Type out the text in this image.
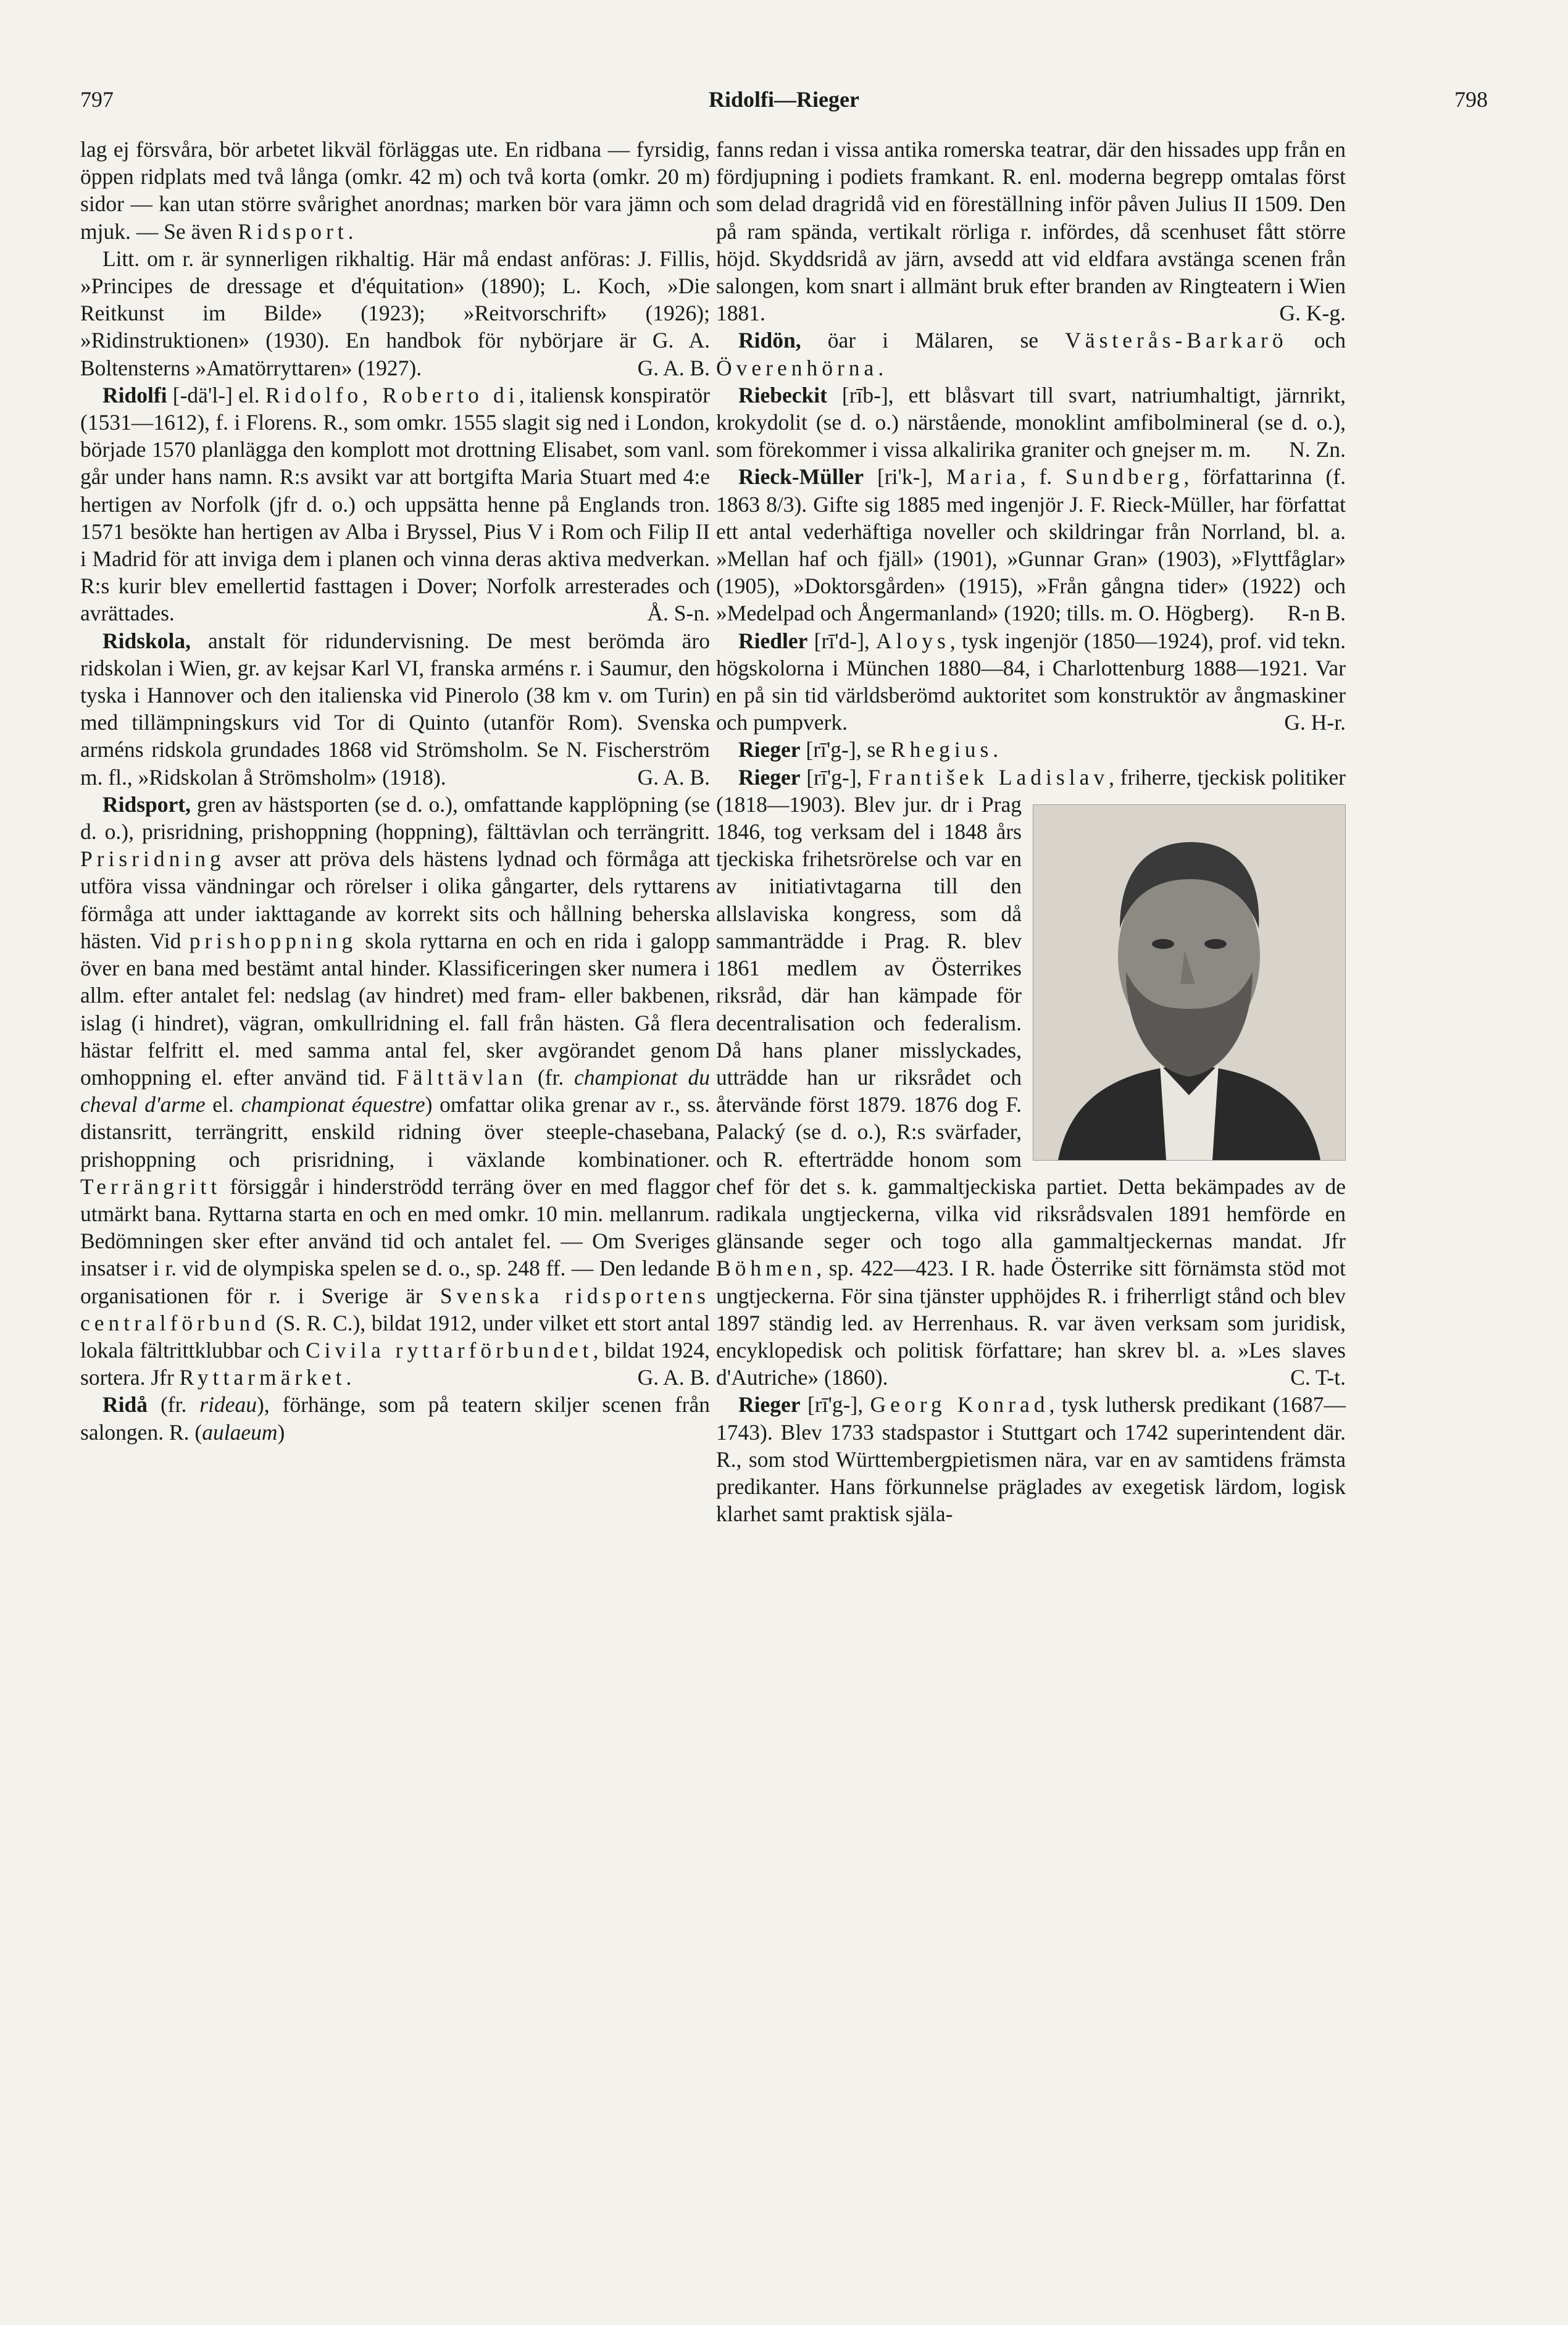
797	Ridolfi—Rieger	798

lag ej försvåra, bör arbetet likväl förläggas ute. En ridbana — fyrsidig, öppen ridplats med två långa (omkr. 42 m) och två korta (omkr. 20 m) sidor — kan utan större svårighet anordnas; marken bör vara jämn och mjuk. — Se även Ridsport.

Litt. om r. är synnerligen rikhaltig. Här må endast anföras: J. Fillis, »Principes de dressage et d'équitation» (1890); L. Koch, »Die Reitkunst im Bilde» (1923); »Reitvorschrift» (1926); »Ridinstruktionen» (1930). En handbok för nybörjare är G. A. Boltensterns »Amatörryttaren» (1927).	G. A. B.

Ridolfi [-dä'l-] el. Ridolfo, Roberto di, italiensk konspiratör (1531—1612), f. i Florens. R., som omkr. 1555 slagit sig ned i London, började 1570 planlägga den komplott mot drottning Elisabet, som vanl. går under hans namn. R:s avsikt var att bortgifta Maria Stuart med 4:e hertigen av Norfolk (jfr d. o.) och uppsätta henne på Englands tron. 1571 besökte han hertigen av Alba i Bryssel, Pius V i Rom och Filip II i Madrid för att inviga dem i planen och vinna deras aktiva medverkan. R:s kurir blev emellertid fasttagen i Dover; Norfolk arresterades och avrättades.	Å. S-n.

Ridskola, anstalt för ridundervisning. De mest berömda äro ridskolan i Wien, gr. av kejsar Karl VI, franska arméns r. i Saumur, den tyska i Hannover och den italienska vid Pinerolo (38 km v. om Turin) med tillämpningskurs vid Tor di Quinto (utanför Rom). Svenska arméns ridskola grundades 1868 vid Strömsholm. Se N. Fischerström m. fl., »Ridskolan å Strömsholm» (1918).	G. A. B.

Ridsport, gren av hästsporten (se d. o.), omfattande kapplöpning (se d. o.), prisridning, prishoppning (hoppning), fälttävlan och terrängritt. Prisridning avser att pröva dels hästens lydnad och förmåga att utföra vissa vändningar och rörelser i olika gångarter, dels ryttarens förmåga att under iakttagande av korrekt sits och hållning beherska hästen. Vid prishoppning skola ryttarna en och en rida i galopp över en bana med bestämt antal hinder. Klassificeringen sker numera i allm. efter antalet fel: nedslag (av hindret) med fram- eller bakbenen, islag (i hindret), vägran, omkullridning el. fall från hästen. Gå flera hästar felfritt el. med samma antal fel, sker avgörandet genom omhoppning el. efter använd tid. Fälttävlan (fr. championat du cheval d'arme el. championat équestre) omfattar olika grenar av r., ss. distansritt, terrängritt, enskild ridning över steeple-chasebana, prishoppning och prisridning, i växlande kombinationer. Terrängritt försiggår i hinderströdd terräng över en med flaggor utmärkt bana. Ryttarna starta en och en med omkr. 10 min. mellanrum. Bedömningen sker efter använd tid och antalet fel. — Om Sveriges insatser i r. vid de olympiska spelen se d. o., sp. 248 ff. — Den ledande organisationen för r. i Sverige är Svenska ridsportens centralförbund (S. R. C.), bildat 1912, under vilket ett stort antal lokala fältrittklubbar och Civila ryttarförbundet, bildat 1924, sortera. Jfr Ryttarmärket.	G. A. B.

Ridå (fr. rideau), förhänge, som på teatern skiljer scenen från salongen. R. (aulaeum)

fanns redan i vissa antika romerska teatrar, där den hissades upp från en fördjupning i podiets framkant. R. enl. moderna begrepp omtalas först som delad dragridå vid en föreställning inför påven Julius II 1509. Den på ram spända, vertikalt rörliga r. infördes, då scenhuset fått större höjd. Skyddsridå av järn, avsedd att vid eldfara avstänga scenen från salongen, kom snart i allmänt bruk efter branden av Ringteatern i Wien 1881.	G. K-g.

Ridön, öar i Mälaren, se Västerås-Barkarö och Överenhörna.

Riebeckit [rīb-], ett blåsvart till svart, natriumhaltigt, järnrikt, krokydolit (se d. o.) närstående, monoklint amfibolmineral (se d. o.), som förekommer i vissa alkalirika graniter och gnejser m. m.	N. Zn.

Rieck-Müller [ri'k-], Maria, f. Sundberg, författarinna (f. 1863 8/3). Gifte sig 1885 med ingenjör J. F. Rieck-Müller, har författat ett antal vederhäftiga noveller och skildringar från Norrland, bl. a. »Mellan haf och fjäll» (1901), »Gunnar Gran» (1903), »Flyttfåglar» (1905), »Doktorsgården» (1915), »Från gångna tider» (1922) och »Medelpad och Ångermanland» (1920; tills. m. O. Högberg).	R-n B.

Riedler [rī'd-], Aloys, tysk ingenjör (1850—1924), prof. vid tekn. högskolorna i München 1880—84, i Charlottenburg 1888—1921. Var en på sin tid världsberömd auktoritet som konstruktör av ångmaskiner och pumpverk.	G. H-r.

Rieger [rī'g-], se Rhegius.

Rieger [rī'g-], František Ladislav
, friherre, tjeckisk politiker (1818—1903). Blev jur. dr i Prag 1846, tog verksam del i 1848 års tjeckiska frihetsrörelse och var en av initiativtagarna till den allslaviska kongress, som då sammanträdde i Prag. R. blev 1861 medlem av Österrikes riksråd, där han kämpade för decentralisation och federalism. Då hans planer misslyckades, utträdde han ur riksrådet och återvände först 1879. 1876 dog F. Palacký (se d. o.), R:s svärfader, och R. efterträdde honom som chef för det s. k. gammaltjeckiska partiet. Detta bekämpades av de radikala ungtjeckerna, vilka vid riksrådsvalen 1891 hemförde en glänsande seger och togo alla gammaltjeckernas mandat. Jfr Böhmen, sp. 422—423. I R. hade Österrike sitt förnämsta stöd mot ungtjeckerna. För sina tjänster upphöjdes R. i friherrligt stånd och blev 1897 ständig led. av Herrenhaus. R. var även verksam som juridisk, encyklopedisk och politisk författare; han skrev bl. a. »Les slaves d'Autriche» (1860).	C. T-t.

Rieger [rī'g-], Georg Konrad, tysk luthersk predikant (1687—1743). Blev 1733 stadspastor i Stuttgart och 1742 superintendent där. R., som stod Württembergpietismen nära, var en av samtidens främsta predikanter. Hans förkunnelse präglades av exegetisk lärdom, logisk klarhet samt praktisk själa-
